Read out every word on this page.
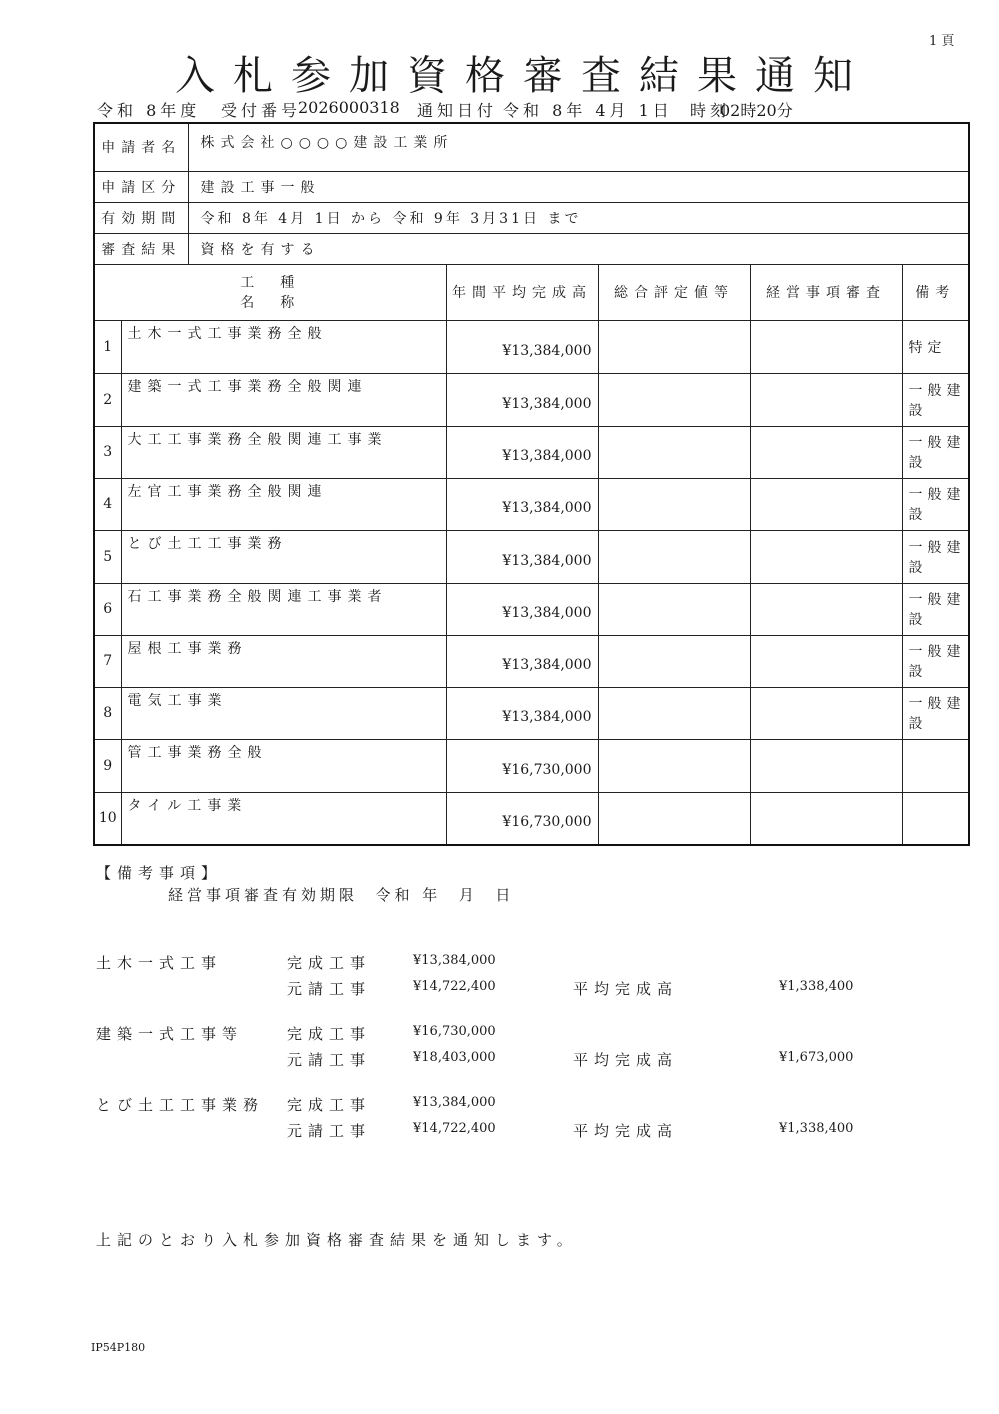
1 頁
入札参加資格審査結果通知
令和 8年度 受付番号
2026000318 通知日付 令和 8年 4月 1日 時刻
02時20分
申請者名		株式会社○○○○建設工業所				
申請区分		建設工事一般				
有効期間		令和 8年 4月 1日 から 令和 9年 3月31日 まで				
審査結果		資格を有する				

工　種
名　称			年間平均完成高	総合評定値等	経営事項審査	備考
1	土木一式工事業務全般		¥13,384,000			特定
2	建築一式工事業務全般関連		¥13,384,000			一般建設
3	大工工事業務全般関連工事業		¥13,384,000			一般建設
4	左官工事業務全般関連		¥13,384,000			一般建設
5	とび土工工事業務		¥13,384,000			一般建設
6	石工事業務全般関連工事業者		¥13,384,000			一般建設
7	屋根工事業務		¥13,384,000			一般建設
8	電気工事業		¥13,384,000			一般建設
9	管工事業務全般		¥16,730,000			
10	タイル工事業		¥16,730,000			
【備考事項】
経営事項審査有効期限  令和 年  月  日
土木一式工事	完成工事	¥13,384,000
元請工事	¥14,722,400	平均完成高	¥1,338,400
建築一式工事等	完成工事	¥16,730,000
元請工事	¥18,403,000	平均完成高	¥1,673,000
とび土工工事業務 完成工事	¥13,384,000
元請工事	¥14,722,400	平均完成高	¥1,338,400
上記のとおり入札参加資格審査結果を通知します。
IP54P180
